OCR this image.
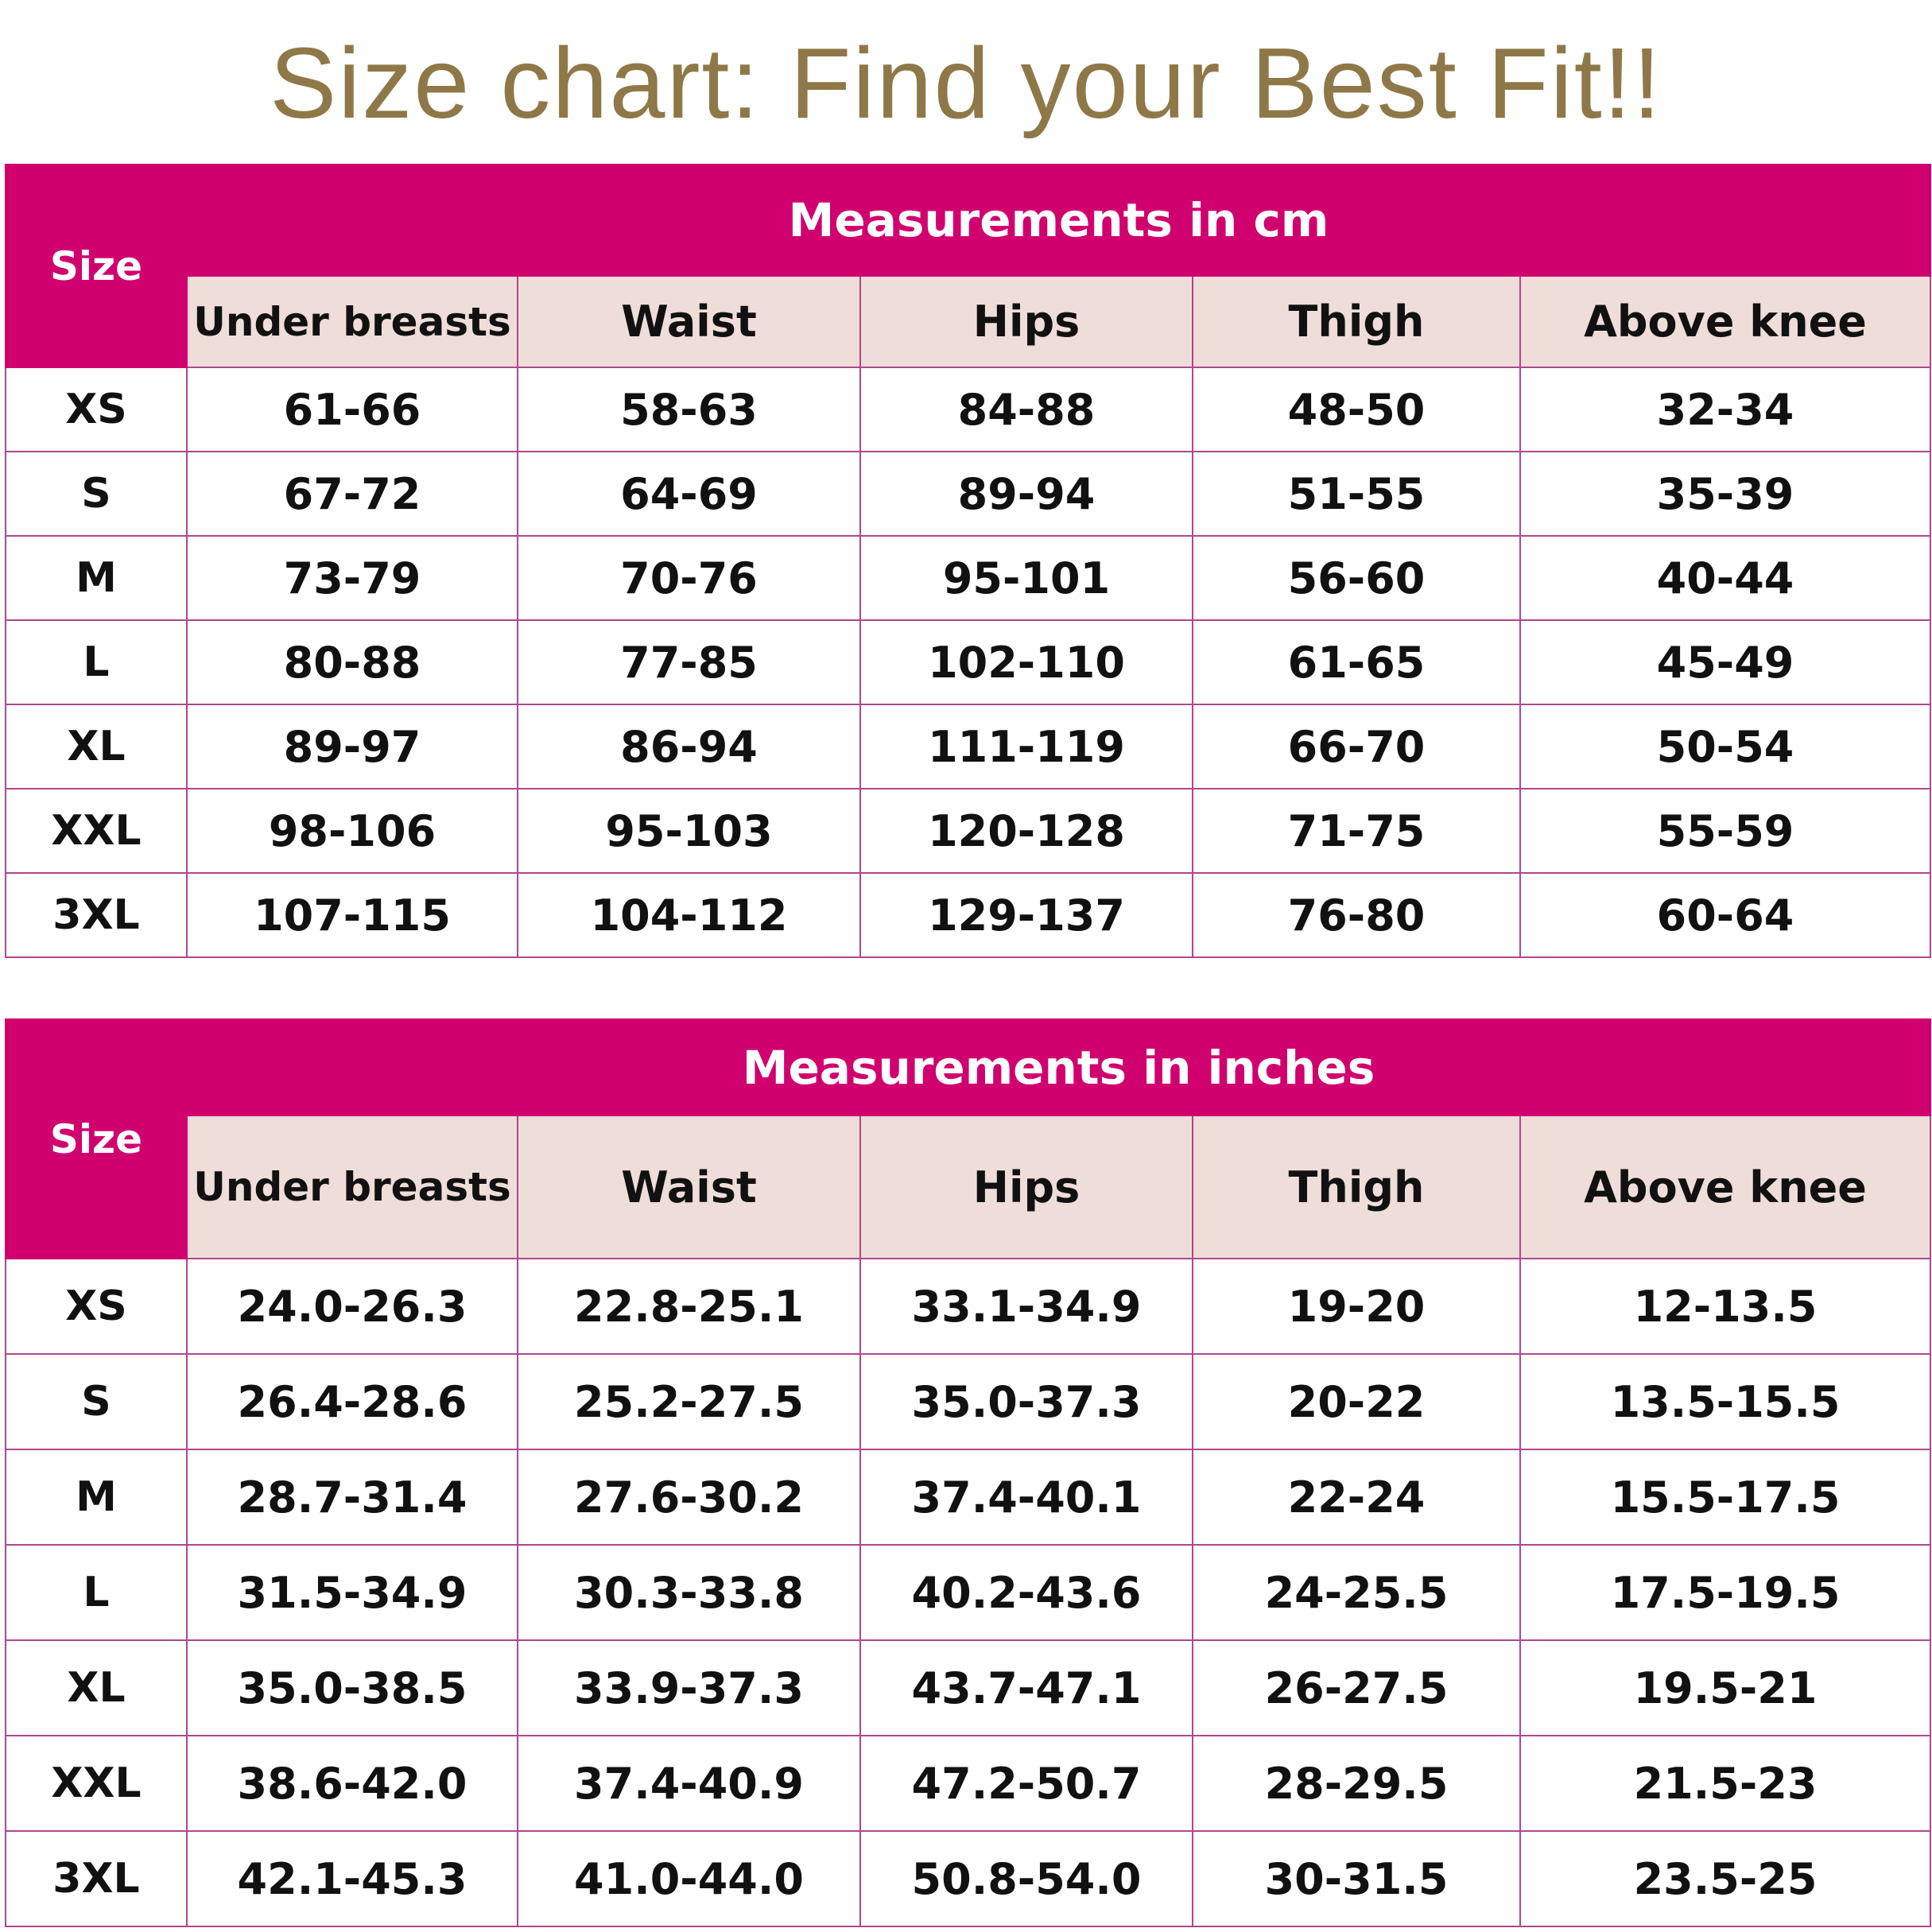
Size chart: Find your Best Fit!!
Size	Measurements in cm				
	Under breasts	Waist	Hips	Thigh	Above knee
XS	61-66	58-63	84-88	48-50	32-34
S	67-72	64-69	89-94	51-55	35-39
M	73-79	70-76	95-101	56-60	40-44
L	80-88	77-85	102-110	61-65	45-49
XL	89-97	86-94	111-119	66-70	50-54
XXL	98-106	95-103	120-128	71-75	55-59
3XL	107-115	104-112	129-137	76-80	60-64
Size	Measurements in inches				
	Under breasts	Waist	Hips	Thigh	Above knee
XS	24.0-26.3	22.8-25.1	33.1-34.9	19-20	12-13.5
S	26.4-28.6	25.2-27.5	35.0-37.3	20-22	13.5-15.5
M	28.7-31.4	27.6-30.2	37.4-40.1	22-24	15.5-17.5
L	31.5-34.9	30.3-33.8	40.2-43.6	24-25.5	17.5-19.5
XL	35.0-38.5	33.9-37.3	43.7-47.1	26-27.5	19.5-21
XXL	38.6-42.0	37.4-40.9	47.2-50.7	28-29.5	21.5-23
3XL	42.1-45.3	41.0-44.0	50.8-54.0	30-31.5	23.5-25
